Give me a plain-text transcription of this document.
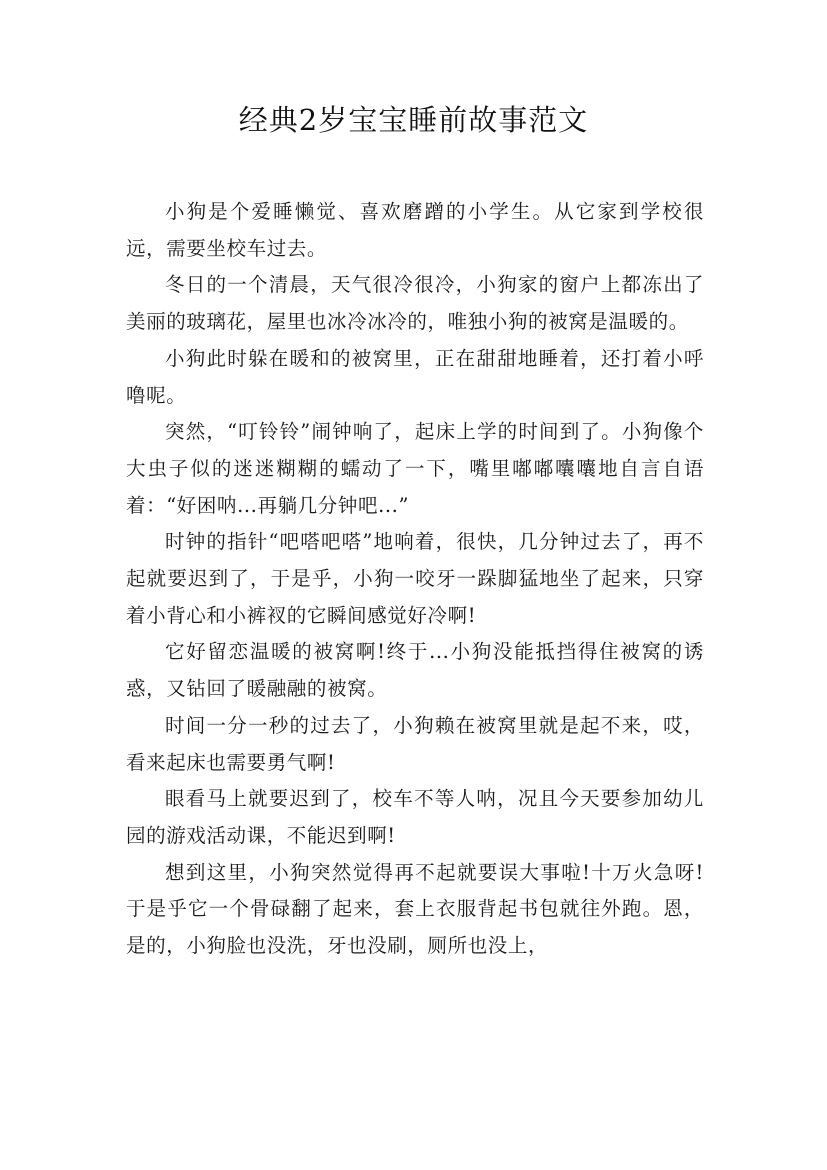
经典2岁宝宝睡前故事范文

小狗是个爱睡懒觉、喜欢磨蹭的小学生。从它家到学校很远，需要坐校车过去。

冬日的一个清晨，天气很冷很冷，小狗家的窗户上都冻出了美丽的玻璃花，屋里也冰冷冰冷的，唯独小狗的被窝是温暖的。

小狗此时躲在暖和的被窝里，正在甜甜地睡着，还打着小呼噜呢。

突然，“叮铃铃”闹钟响了，起床上学的时间到了。小狗像个大虫子似的迷迷糊糊的蠕动了一下，嘴里嘟嘟囔囔地自言自语着：“好困呐...再躺几分钟吧...”

时钟的指针“吧嗒吧嗒”地响着，很快，几分钟过去了，再不起就要迟到了，于是乎，小狗一咬牙一跺脚猛地坐了起来，只穿着小背心和小裤衩的它瞬间感觉好冷啊!

它好留恋温暖的被窝啊!终于...小狗没能抵挡得住被窝的诱惑，又钻回了暖融融的被窝。

时间一分一秒的过去了，小狗赖在被窝里就是起不来，哎，看来起床也需要勇气啊!

眼看马上就要迟到了，校车不等人呐，况且今天要参加幼儿园的游戏活动课，不能迟到啊!

想到这里，小狗突然觉得再不起就要误大事啦!十万火急呀!于是乎它一个骨碌翻了起来，套上衣服背起书包就往外跑。恩，是的，小狗脸也没洗，牙也没刷，厕所也没上，
